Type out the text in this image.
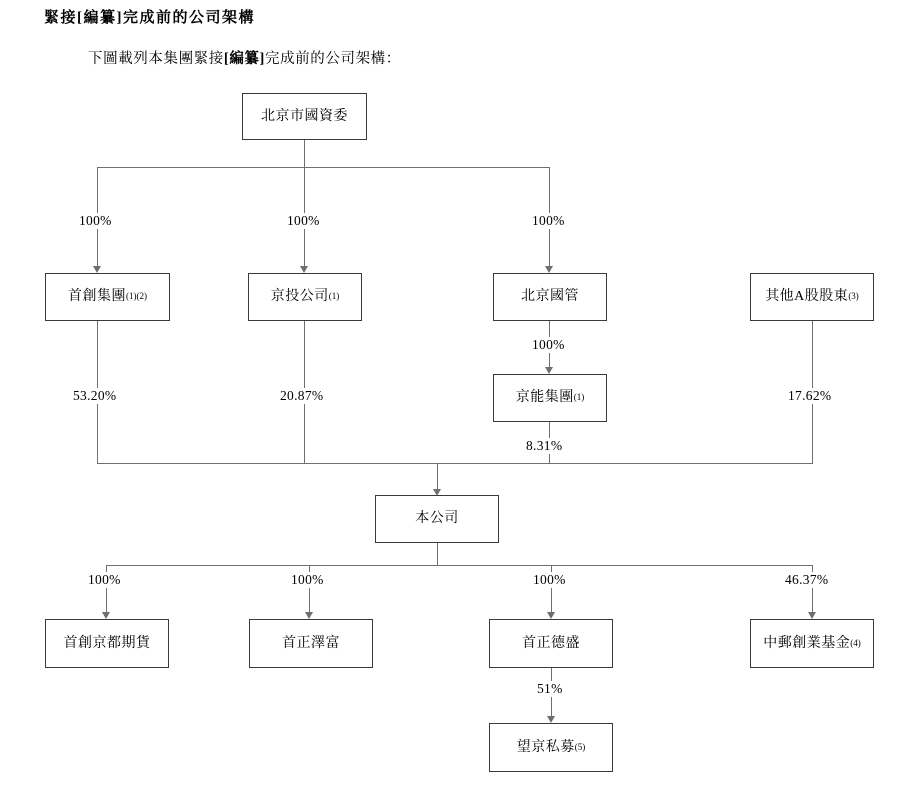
緊接[編纂]完成前的公司架構
下圖載列本集團緊接[編纂]完成前的公司架構：
北京市國資委
首創集團 (1)(2)	京投公司 (1)	北京國管	其他A股股東 (3)
京能集團 (1)
本公司
首創京都期貨	首正澤富	首正德盛	中郵創業基金 (4)
望京私募 (5)
100%	100%	100%
100%
53.20%	20.87%
8.31%
17.62%
100%	100%	100%	46.37%
51%
